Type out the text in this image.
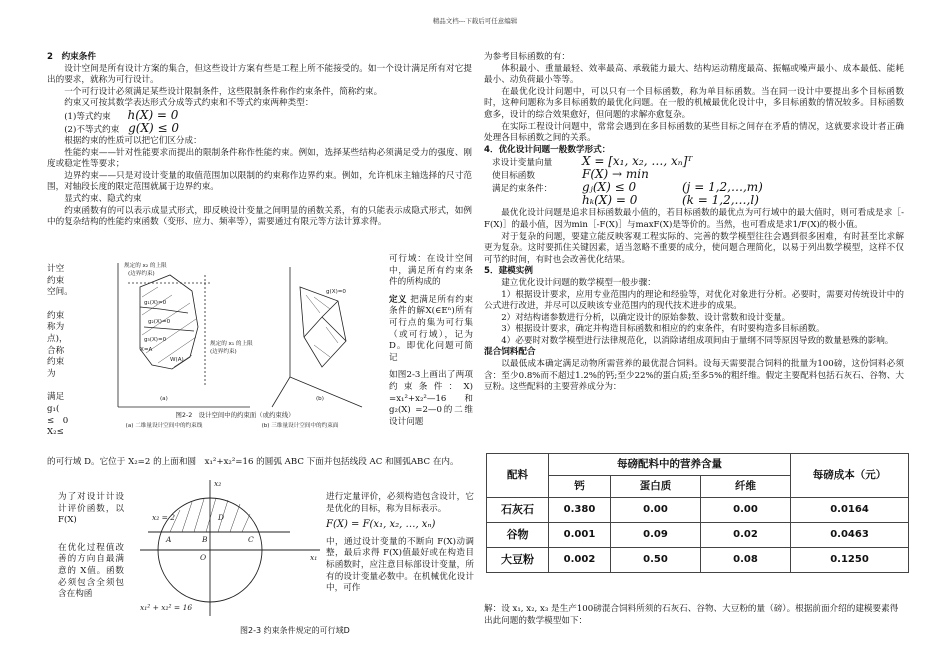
精品文档---下载后可任意编辑

2　约束条件

设计空间是所有设计方案的集合，但这些设计方案有些是工程上所不能接受的。如一个设计满足所有对它提出的要求，就称为可行设计。

一个可行设计必须满足某些设计限制条件，这些限制条件称作约束条件，简称约束。

约束又可按其数学表达形式分成等式约束和不等式约束两种类型：

(1)等式约束 h(X) = 0
(2)不等式约束 g(X) ≤ 0

根据约束的性质可以把它们区分成：

性能约束——针对性能要求而提出的限制条件称作性能约束。例如，选择某些结构必须满足受力的强度、刚度或稳定性等要求；

边界约束——只是对设计变量的取值范围加以限制的约束称作边界约束。例如，允许机床主轴选择的尺寸范围，对轴段长度的限定范围就属于边界约束。

显式约束、隐式约束

约束函数有的可以表示成显式形式，即反映设计变量之间明显的函数关系，有的只能表示成隐式形式，如例中的复杂结构的性能约束函数（变形、应力、频率等），需要通过有限元等方法计算求得。

计空
约束
空间。
约束
称为
点)，
合称
约束
为
满足
g₁(
≤　0
X₂≤
规定的 x₂ 的上限
(边界约束)
g₁(X)=0
g₂(X)=0
g₃(X)=0
X=A
W(A)
规定的 x₁ 的上限
(边界约束)
g(X)=0
(a)	(b)
图2-2　设计空间中的约束面（或约束线）
(a) 二维量设计空间中的约束线	(b) 三维量设计空间中的约束面

可行域：在设计空间中，满足所有约束条件的所构成的

定义 把满足所有约束条件的解X(∈Eⁿ)所有可行点的集为可行集（或可行域），记为D。即优化问题可简记

如图2-3上画出了两项约束条件：X) =x₁²+x₂²—16和g₂(X) =2—0的二维设计问题

的可行域 D。它位于 X₂=2 的上面和圆　x₁²+x₂²=16 的圆弧 ABC 下面并包括线段 AC 和圆弧ABC 在内。

为了对设计计设计评价函数，以 F(X)

在优化过程值改善的方向自最满意的 X值。函数必须包含全须包含在构函

x₂
x₂ = 2
A
D
B	C
x₁
x₁² + x₂² = 16
O
图2-3 约束条件规定的可行域D

进行定量评价，必须构造包含设计，它是优化的目标，称为目标表示。

F(X) = F(x₁, x₂, …, xₙ)

中，通过设计变量的不断向 F(X)动调整，最后求得 F(X)值最好或在构造目标函数时，应注意目标部设计变量，所有的设计变量必数中。在机械优化设计中，可作

为参考目标函数的有：

体积最小、重量最轻、效率最高、承载能力最大、结构运动精度最高、振幅或噪声最小、成本最低、能耗最小、动负荷最小等等。

在最优化设计问题中，可以只有一个目标函数，称为单目标函数。当在同一设计中要提出多个目标函数时，这种问题称为多目标函数的最优化问题。在一般的机械最优化设计中，多目标函数的情况较多。目标函数愈多，设计的综合效果愈好，但问题的求解亦愈复杂。

在实际工程设计问题中，常常会遇到在多目标函数的某些目标之间存在矛盾的情况，这就要求设计者正确处理各目标函数之间的关系。

4．优化设计问题一般数学形式：

求设计变量向量 X = [x₁, x₂, …, xₙ]ᵀ
使目标函数	F(X) → min
满足约束条件： gⱼ(X) ≤ 0	(j = 1,2,…,m)
hₖ(X) = 0	(k = 1,2,…,l)

最优化设计问题是追求目标函数最小值的，若目标函数的最优点为可行域中的最大值时，则可看成是求［-F(X)］的最小值，因为min［-F(X)］与maxF(X)是等价的。当然，也可看成是求1/F(X)的极小值。

对于复杂的问题，要建立能反映客观工程实际的、完善的数学模型往往会遇到很多困难，有时甚至比求解更为复杂。这时要抓住关键因素，适当忽略不重要的成分，使问题合理简化，以易于列出数学模型，这样不仅可节约时间，有时也会改善优化结果。

5．建模实例

建立优化设计问题的数学模型一般步骤：

1）根据设计要求，应用专业范围内的理论和经验等，对优化对象进行分析。必要时，需要对传统设计中的公式进行改进，并尽可以反映该专业范围内的现代技术进步的成果。

2）对结构诸参数进行分析，以确定设计的原始参数、设计常数和设计变量。

3）根据设计要求，确定并构造目标函数和相应的约束条件，有时要构造多目标函数。

4）必要时对数学模型进行法律规范化，以消除诸组成项间由于量纲不同等原因导致的数量悬殊的影响。

混合饲料配合

以最低成本确定满足动物所需营养的最优混合饲料。设每天需要混合饲料的批量为100磅，这份饲料必须含：至少0.8%而不超过1.2%的钙;至少22%的蛋白质;至多5%的粗纤维。假定主要配料包括石灰石、谷物、大豆粉。这些配料的主要营养成分为：

配料	每磅配料中的营养含量			每磅成本（元）
	钙	蛋白质	纤维	
石灰石	0.380	0.00	0.00	0.0164
谷物	0.001	0.09	0.02	0.0463
大豆粉	0.002	0.50	0.08	0.1250
解：设 x₁, x₂, x₃ 是生产100磅混合饲料所须的石灰石、谷物、大豆粉的量（磅）。根据前面介绍的建模要素得出此问题的数学模型如下：
